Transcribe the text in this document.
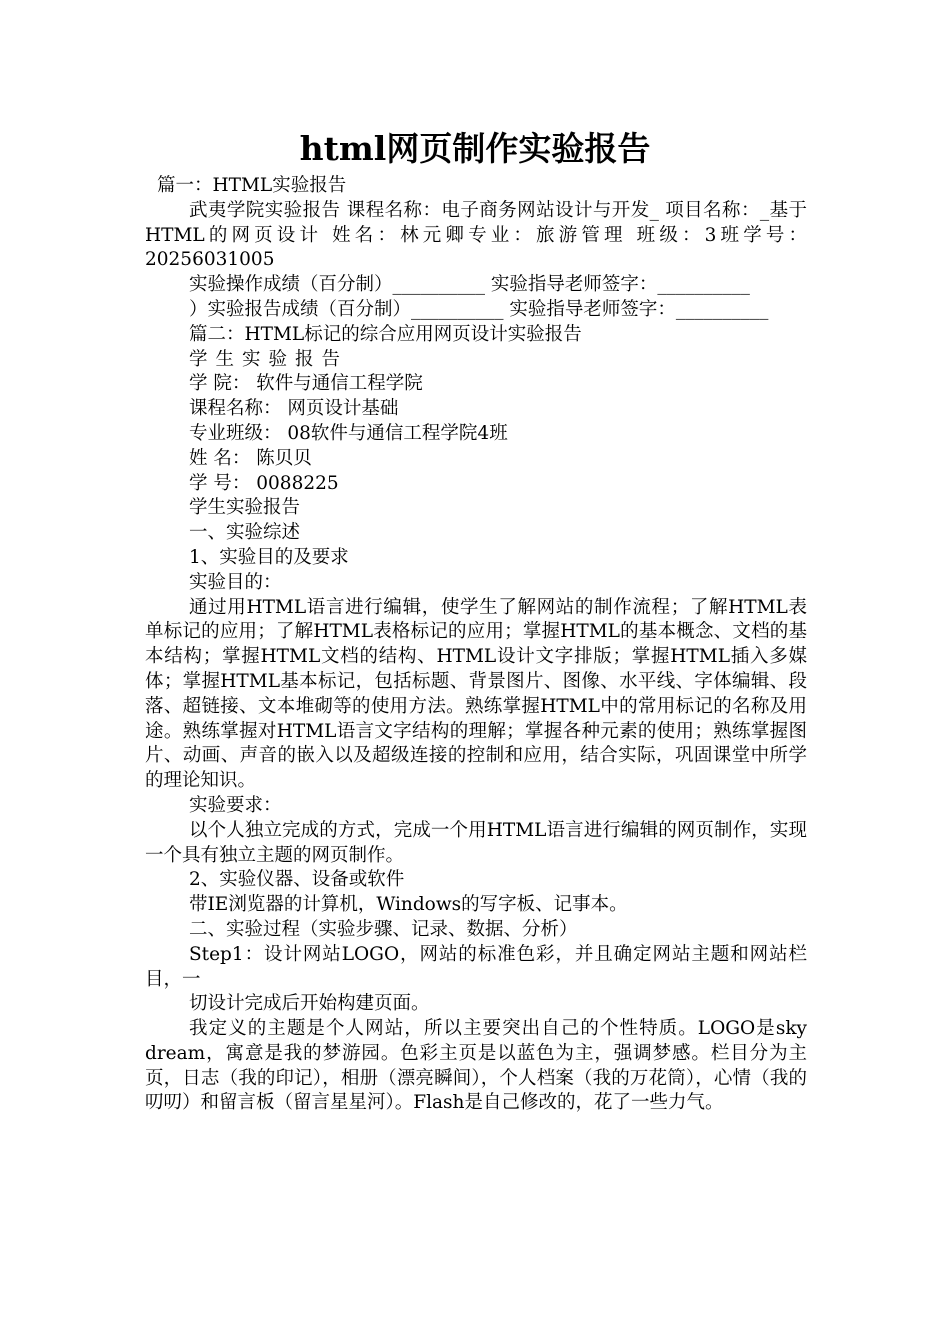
html网页制作实验报告

篇一：HTML实验报告

武夷学院实验报告 课程名称：电子商务网站设计与开发_ 项目名称：_基于HTML的网页设计 姓名：林元卿专业：旅游管理 班级：3班学号：20256031005

实验操作成绩（百分制）__________ 实验指导老师签字：__________

）实验报告成绩（百分制）__________ 实验指导老师签字：__________

篇二：HTML标记的综合应用网页设计实验报告

学生实验报告

学 院： 软件与通信工程学院

课程名称： 网页设计基础

专业班级： 08软件与通信工程学院4班

姓 名： 陈贝贝

学 号： 0088225

学生实验报告

一、实验综述

1、实验目的及要求

实验目的：

通过用HTML语言进行编辑，使学生了解网站的制作流程；了解HTML表单标记的应用；了解HTML表格标记的应用；掌握HTML的基本概念、文档的基本结构；掌握HTML文档的结构、HTML设计文字排版；掌握HTML插入多媒体；掌握HTML基本标记，包括标题、背景图片、图像、水平线、字体编辑、段落、超链接、文本堆砌等的使用方法。熟练掌握HTML中的常用标记的名称及用途。熟练掌握对HTML语言文字结构的理解；掌握各种元素的使用；熟练掌握图片、动画、声音的嵌入以及超级连接的控制和应用，结合实际，巩固课堂中所学的理论知识。

实验要求：

以个人独立完成的方式，完成一个用HTML语言进行编辑的网页制作，实现一个具有独立主题的网页制作。

2、实验仪器、设备或软件

带IE浏览器的计算机，Windows的写字板、记事本。

二、实验过程（实验步骤、记录、数据、分析）

Step1：设计网站LOGO，网站的标准色彩，并且确定网站主题和网站栏目，一

切设计完成后开始构建页面。

我定义的主题是个人网站，所以主要突出自己的个性特质。LOGO是sky dream，寓意是我的梦游园。色彩主页是以蓝色为主，强调梦感。栏目分为主页，日志（我的印记），相册（漂亮瞬间），个人档案（我的万花筒），心情（我的叨叨）和留言板（留言星星河）。Flash是自己修改的，花了一些力气。
